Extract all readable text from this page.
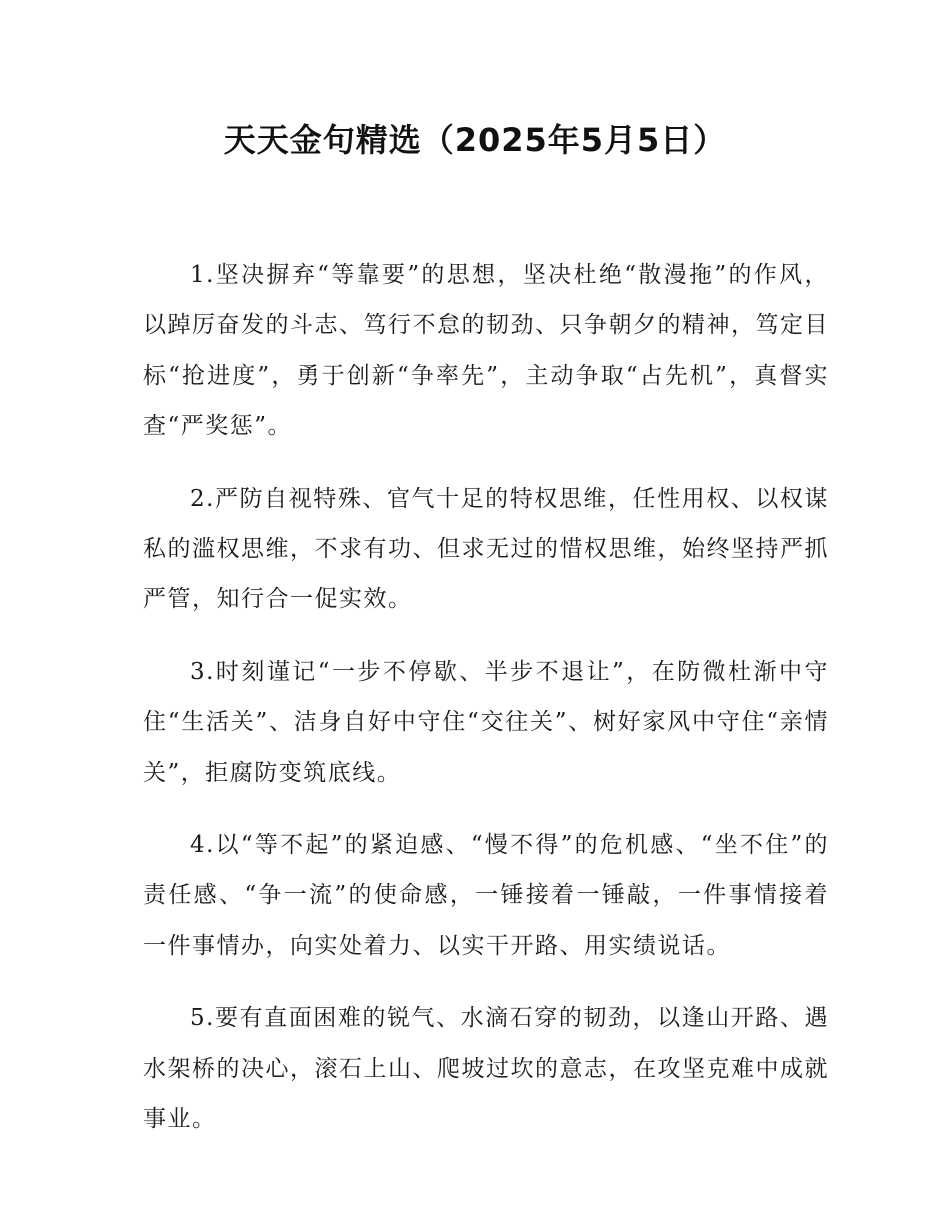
天天金句精选（2025年5月5日）

1.坚决摒弃“等靠要”的思想，坚决杜绝“散漫拖”的作风，以踔厉奋发的斗志、笃行不怠的韧劲、只争朝夕的精神，笃定目标“抢进度”，勇于创新“争率先”，主动争取“占先机”，真督实查“严奖惩”。

2.严防自视特殊、官气十足的特权思维，任性用权、以权谋私的滥权思维，不求有功、但求无过的惜权思维，始终坚持严抓严管，知行合一促实效。

3.时刻谨记“一步不停歇、半步不退让”，在防微杜渐中守住“生活关”、洁身自好中守住“交往关”、树好家风中守住“亲情关”，拒腐防变筑底线。

4.以“等不起”的紧迫感、“慢不得”的危机感、“坐不住”的责任感、“争一流”的使命感，一锤接着一锤敲，一件事情接着一件事情办，向实处着力、以实干开路、用实绩说话。

5.要有直面困难的锐气、水滴石穿的韧劲，以逢山开路、遇水架桥的决心，滚石上山、爬坡过坎的意志，在攻坚克难中成就事业。
